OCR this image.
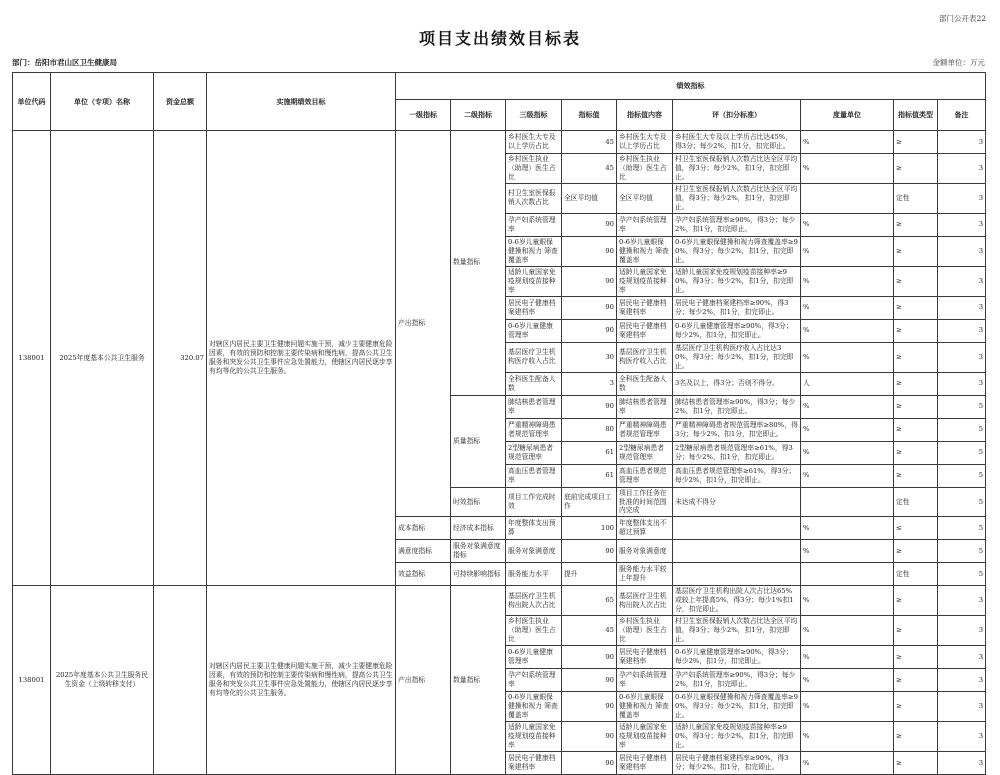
部门公开表22
项目支出绩效目标表
部门：岳阳市君山区卫生健康局	金额单位：万元
单位代码	单位（专项）名称	资金总额	实施期绩效目标	绩效指标								
				一级指标	二级指标	三级指标	指标值	指标值内容	评（扣分标准）	度量单位	指标值类型	备注
138001	2025年度基本公共卫生服务	320.07	对辖区内居民主要卫生健康问题实施干预，减少主要健康危险因素，有效的预防和控制主要传染病和慢性病，提高公共卫生服务和突发公共卫生事件应急处置能力，使辖区内居民逐步享有均等化的公共卫生服务。	产出指标	数量指标	乡村医生大专及以上学历占比	45	乡村医生大专及以上学历占比	乡村医生大专及以上学历占比达45%，得3分；每少2%，扣1分，扣完即止。	%	≥	3
						乡村医生执业（助理）医生占比	45	乡村医生执业（助理）医生占比	村卫生室医保报销人次数占比达全区平均值，得3分；每少2%，扣1分，扣完即止。	%	≥	3
						村卫生室医保报销人次数占比	全区平均值	全区平均值	村卫生室医保报销人次数占比达全区平均值，得3分；每少2%，扣1分，扣完即止。		定性	3
						孕产妇系统管理率	90	孕产妇系统管理率	孕产妇系统管理率≥90%，得3分；每少2%，扣1分，扣完即止。	%	≥	3
						0-6岁儿童眼保健操和视力 筛查覆盖率	90	0-6岁儿童眼保健操和视力 筛查覆盖率	0-6岁儿童眼保健操和视力筛查覆盖率≥90%，得3分；每少2%，扣1分，扣完即止。	%	≥	3
						适龄儿童国家免疫规划疫苗接种率	90	适龄儿童国家免疫规划疫苗接种率	适龄儿童国家免疫规划疫苗接种率≥90%，得3分；每少2%，扣1分，扣完即止。	%	≥	3
						居民电子健康档案建档率	90	居民电子健康档案建档率	居民电子健康档案建档率≥90%，得3分；每少2%，扣1分，扣完即止。	%	≥	3
						0-6岁儿童健康管理率	90	居民电子健康档案建档率	0-6岁儿童健康管理率≥90%，得3分；每少2%，扣1分，扣完即止。	%	≥	3
						基层医疗卫生机构医疗收入占比	30	基层医疗卫生机构医疗收入占比	基层医疗卫生机构医疗收入占比达30%，得3分；每少2%，扣1分，扣完即止。	%	≥	3
						全科医生配备人数	3	全科医生配备人数	3名及以上，得3分；否则不得分。	人	≥	3
					质量指标	肺结核患者管理率	90	肺结核患者管理率	肺结核患者管理率≥90%，得3分；每少2%，扣1分，扣完即止。	%	≥	5
						严重精神障碍患者规范管理率	80	严重精神障碍患者规范管理率	严重精神障碍患者规范管理率≥80%，得3分；每少2%，扣1分，扣完即止。	%	≥	5
						2型糖尿病患者规范管理率	61	2型糖尿病患者规范管理率	2型糖尿病患者规范管理率≥61%，得3分；每少2%，扣1分，扣完即止。	%	≥	5
						高血压患者管理率	61	高血压患者规范管理率	高血压患者规范管理率≥61%，得3分；每少2%，扣1分，扣完即止。	%	≥	5
					时效指标	项目工作完成时效	底前完成项目工作	项目工作任务在批准的时间范围内完成	未达成不得分		定性	5
				成本指标	经济成本指标	年度整体支出预算	100	年度整体支出不超过预算		%	≤	5
				满意度指标	服务对象满意度指标	服务对象满意度	90	服务对象满意度		%	≥	5
				效益指标	可持续影响指标	服务能力水平	提升	服务能力水平较上年提升			定性	5
138001	2025年度基本公共卫生服务民生资金（上级转移支付）		对辖区内居民主要卫生健康问题实施干预，减少主要健康危险因素，有效的预防和控制主要传染病和慢性病，提高公共卫生服务和突发公共卫生事件应急处置能力，使辖区内居民逐步享有均等化的公共卫生服务。	产出指标	数量指标	基层医疗卫生机构出院人次占比	65	基层医疗卫生机构出院人次占比	基层医疗卫生机构出院人次占比达65%或较上年提高5%，得3分；每少1%扣1分，扣完即止。	%	≥	3
						乡村医生执业（助理）医生占比	45	乡村医生执业（助理）医生占比	村卫生室医保报销人次数占比达全区平均值，得3分；每少2%，扣1分，扣完即止。	%	≥	3
						0-6岁儿童健康管理率	90	居民电子健康档案建档率	0-6岁儿童健康管理率≥90%，得3分；每少2%，扣1分，扣完即止。	%	≥	3
						孕产妇系统管理率	90	孕产妇系统管理率	孕产妇系统管理率≥90%，得3分；每少2%，扣1分，扣完即止。	%	≥	3
						0-6岁儿童眼保健操和视力 筛查覆盖率	90	0-6岁儿童眼保健操和视力 筛查覆盖率	0-6岁儿童眼保健操和视力筛查覆盖率≥90%，得3分；每少2%，扣1分，扣完即止。	%	≥	3
						适龄儿童国家免疫规划疫苗接种率	90	适龄儿童国家免疫规划疫苗接种率	适龄儿童国家免疫规划疫苗接种率≥90%，得3分；每少2%，扣1分，扣完即止。	%	≥	3
						居民电子健康档案建档率	90	居民电子健康档案建档率	居民电子健康档案建档率≥90%，得3分；每少2%，扣1分，扣完即止。	%	≥	3
